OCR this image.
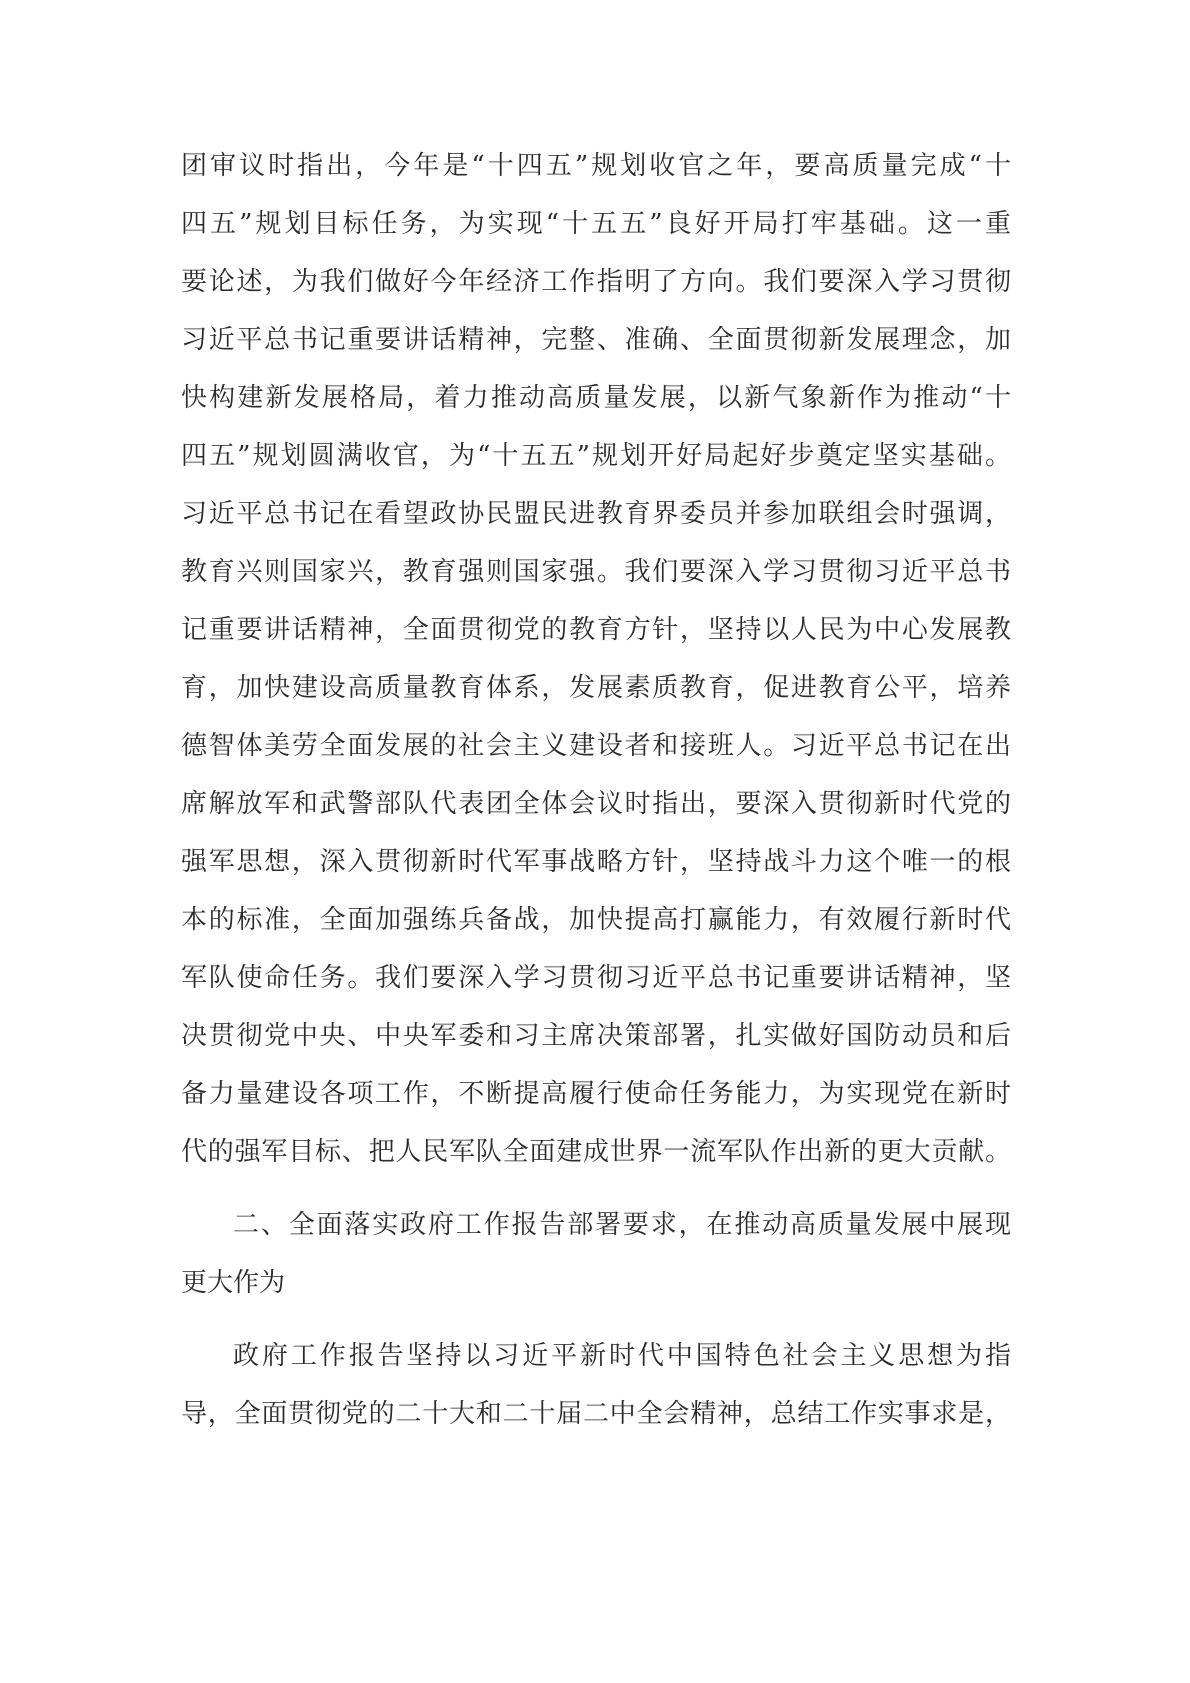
团审议时指出，今年是“十四五”规划收官之年，要高质量完成“十
四五”规划目标任务，为实现“十五五”良好开局打牢基础。这一重
要论述，为我们做好今年经济工作指明了方向。我们要深入学习贯彻
习近平总书记重要讲话精神，完整、准确、全面贯彻新发展理念，加
快构建新发展格局，着力推动高质量发展，以新气象新作为推动“十
四五”规划圆满收官，为“十五五”规划开好局起好步奠定坚实基础。
习近平总书记在看望政协民盟民进教育界委员并参加联组会时强调，
教育兴则国家兴，教育强则国家强。我们要深入学习贯彻习近平总书
记重要讲话精神，全面贯彻党的教育方针，坚持以人民为中心发展教
育，加快建设高质量教育体系，发展素质教育，促进教育公平，培养
德智体美劳全面发展的社会主义建设者和接班人。习近平总书记在出
席解放军和武警部队代表团全体会议时指出，要深入贯彻新时代党的
强军思想，深入贯彻新时代军事战略方针，坚持战斗力这个唯一的根
本的标准，全面加强练兵备战，加快提高打赢能力，有效履行新时代
军队使命任务。我们要深入学习贯彻习近平总书记重要讲话精神，坚
决贯彻党中央、中央军委和习主席决策部署，扎实做好国防动员和后
备力量建设各项工作，不断提高履行使命任务能力，为实现党在新时
代的强军目标、把人民军队全面建成世界一流军队作出新的更大贡献。
二、全面落实政府工作报告部署要求，在推动高质量发展中展现
更大作为
政府工作报告坚持以习近平新时代中国特色社会主义思想为指
导，全面贯彻党的二十大和二十届二中全会精神，总结工作实事求是，
